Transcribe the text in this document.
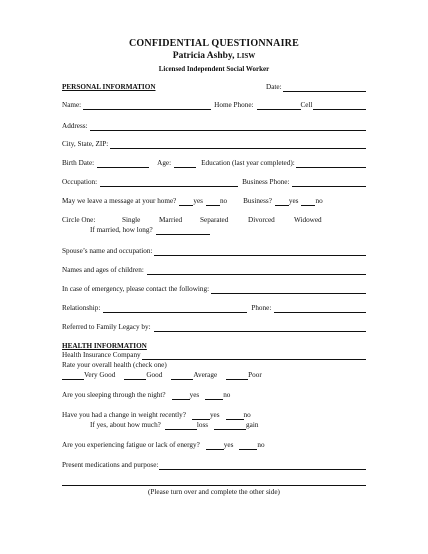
CONFIDENTIAL QUESTIONNAIRE
Patricia Ashby, LISW
Licensed Independent Social Worker
PERSONAL INFORMATION	Date:
Name:	Home Phone:	Cell
Address:
City, State, ZIP:
Birth Date:	Age:	Education (last year completed):
Occupation:	Business Phone:
May we leave a message at your home? yes no Business? yes no
Circle One:	Single	Married Separated	Divorced	Widowed
If married, how long?
Spouse’s name and occupation:
Names and ages of children:
In case of emergency, please contact the following:
Relationship:	Phone:
Referred to Family Legacy by:
HEALTH INFORMATION
Health Insurance Company
Rate your overall health (check one)
Very Good	Good	Average	Poor
Are you sleeping through the night?	yes	no
Have you had a change in weight recently?	yes	no
If yes, about how much?	loss	gain
Are you experiencing fatigue or lack of energy?	yes	no
Present medications and purpose:
(Please turn over and complete the other side)
